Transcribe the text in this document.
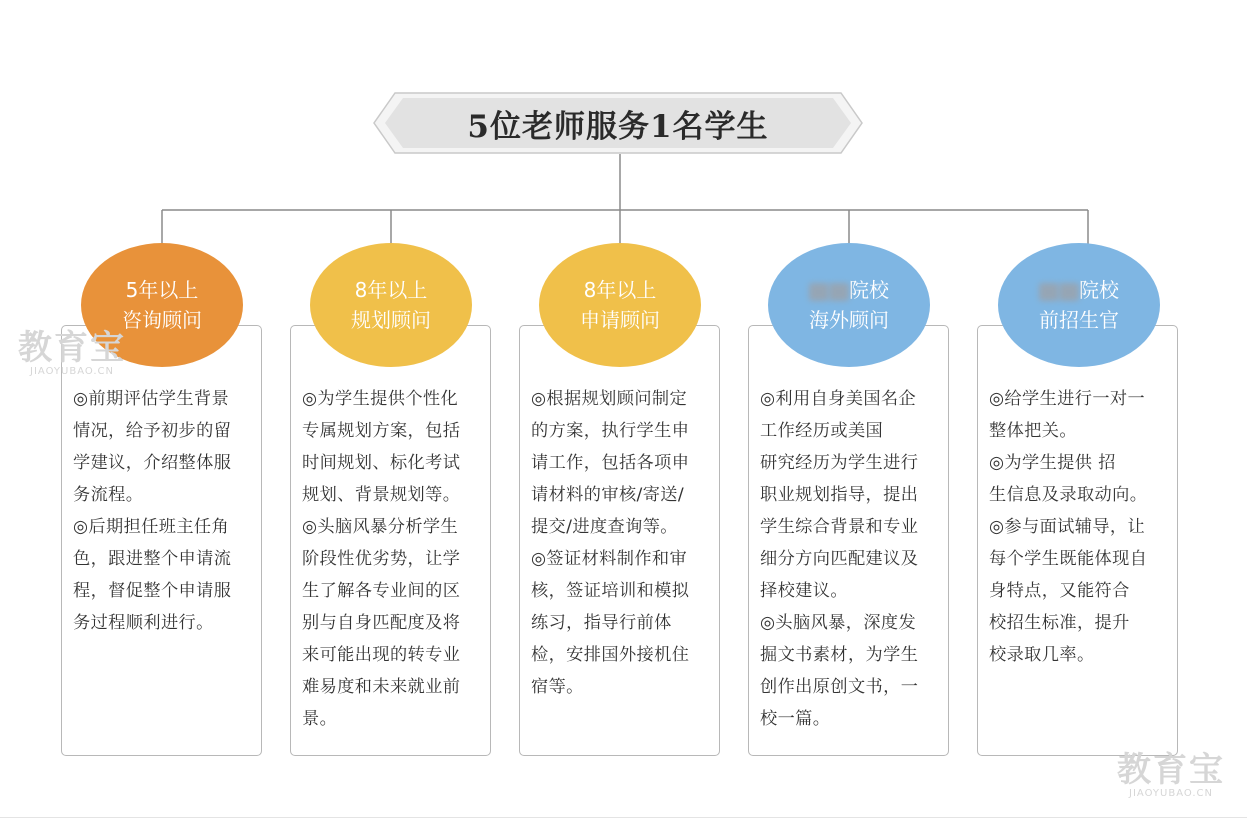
5位老师服务1名学生
◎前期评估学生背景
情况，给予初步的留
学建议，介绍整体服
务流程。
◎后期担任班主任角
色，跟进整个申请流
程，督促整个申请服
务过程顺利进行。
◎为学生提供个性化
专属规划方案，包括
时间规划、标化考试
规划、背景规划等。
◎头脑风暴分析学生
阶段性优劣势，让学
生了解各专业间的区
别与自身匹配度及将
来可能出现的转专业
难易度和未来就业前
景。
◎根据规划顾问制定
的方案，执行学生申
请工作，包括各项申
请材料的审核/寄送/
提交/进度查询等。
◎签证材料制作和审
核，签证培训和模拟
练习，指导行前体
检，安排国外接机住
宿等。
◎利用自身美国名企
工作经历或美国
研究经历为学生进行
职业规划指导，提出
学生综合背景和专业
细分方向匹配建议及
择校建议。
◎头脑风暴，深度发
掘文书素材，为学生
创作出原创文书，一
校一篇。
◎给学生进行一对一
整体把关。
◎为学生提供 招
生信息及录取动向。
◎参与面试辅导，让
每个学生既能体现自
身特点，又能符合
校招生标准，提升
校录取几率。
5年以上
咨询顾问
8年以上
规划顾问
8年以上
申请顾问
院校
海外顾问
院校
前招生官
教育宝
JIAOYUBAO.CN
教育宝
JIAOYUBAO.CN
